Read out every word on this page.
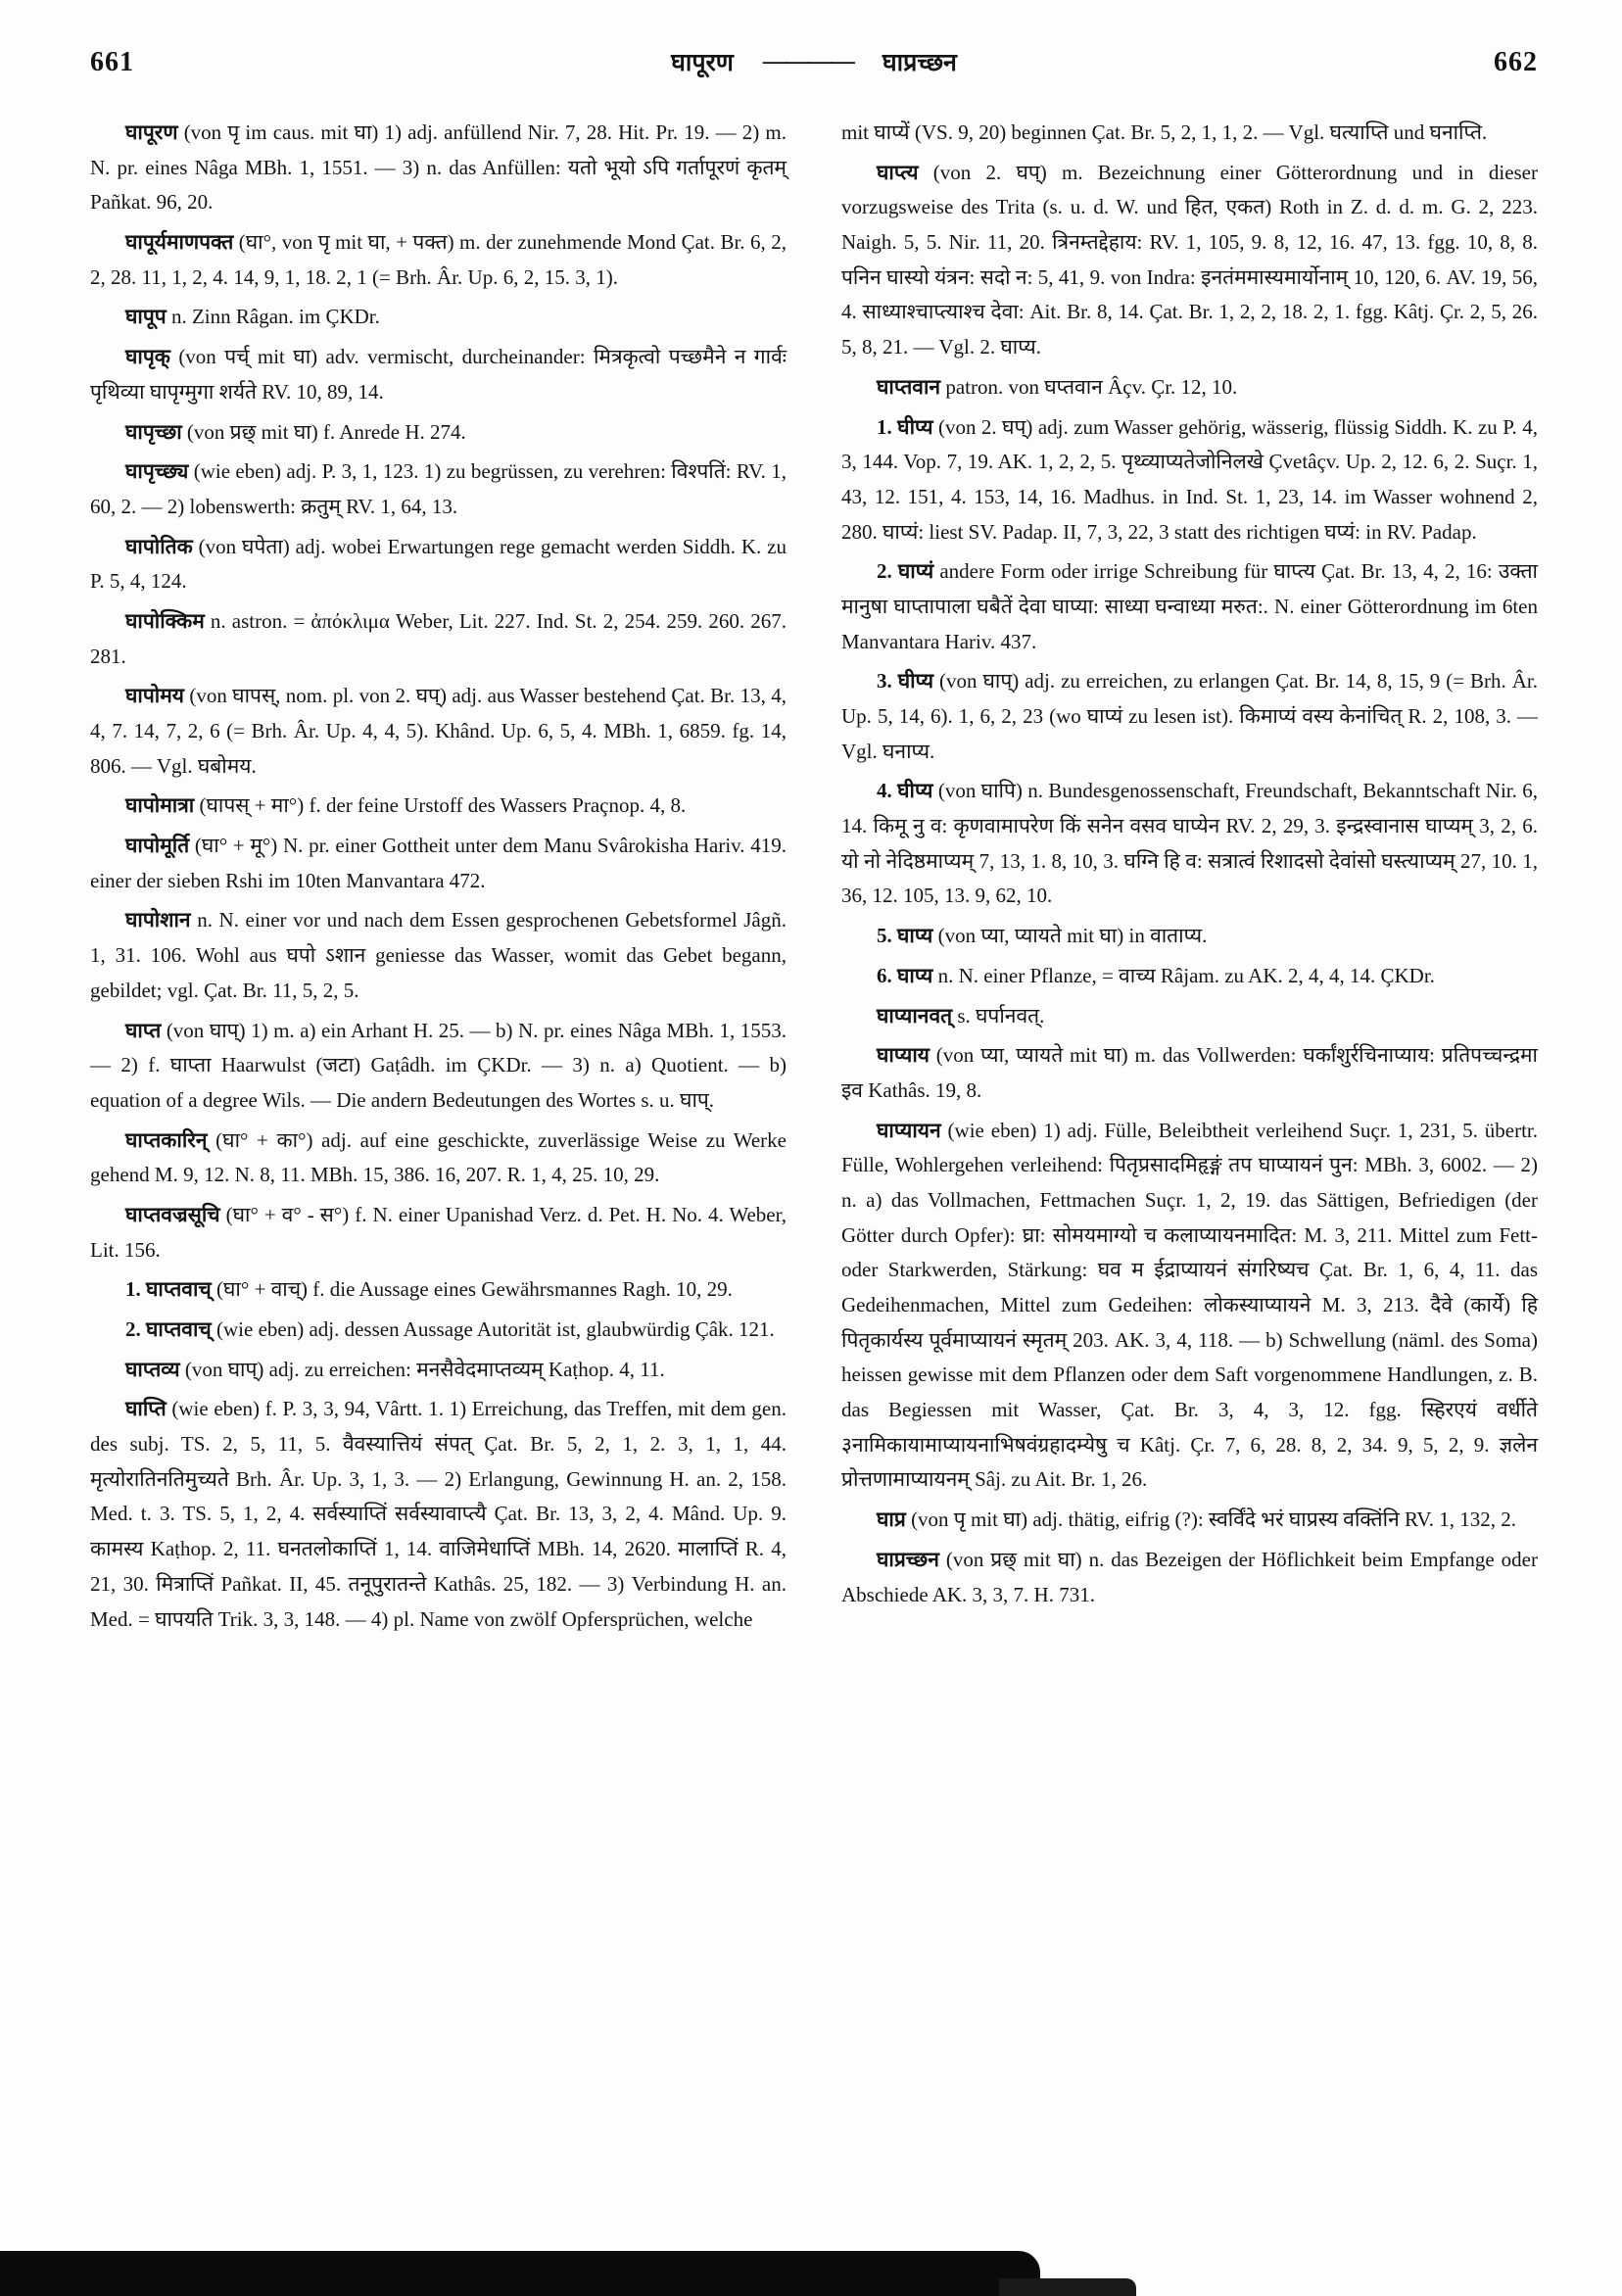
661	घापूरण ———— घाप्रच्छन	662

घापूरण (von पृ im caus. mit घा) 1) adj. anfüllend Nir. 7, 28. Hit. Pr. 19. — 2) m. N. pr. eines Nâga MBh. 1, 1551. — 3) n. das Anfüllen: यतो भूयो ऽपि गर्तापूरणं कृतम् Pañkat. 96, 20.

घापूर्यमाणपक्त (घा°, von पृ mit घा, + पक्त) m. der zunehmende Mond Çat. Br. 6, 2, 2, 28. 11, 1, 2, 4. 14, 9, 1, 18. 2, 1 (= Brh. Âr. Up. 6, 2, 15. 3, 1).

घापूप n. Zinn Râgan. im ÇKDr.

घापृक् (von पर्च् mit घा) adv. vermischt, durcheinander: मित्रकृत्वो पच्छमैने न गार्वः पृथिव्या घापृग्मुगा शर्यते RV. 10, 89, 14.

घापृच्छा (von प्रछ् mit घा) f. Anrede H. 274.

घापृच्छ्य (wie eben) adj. P. 3, 1, 123. 1) zu begrüssen, zu verehren: विश्पतिं: RV. 1, 60, 2. — 2) lobenswerth: क्रतुम् RV. 1, 64, 13.

घापोतिक (von घपेता) adj. wobei Erwartungen rege gemacht werden Siddh. K. zu P. 5, 4, 124.

घापोक्किम n. astron. = ἀπόκλιμα Weber, Lit. 227. Ind. St. 2, 254. 259. 260. 267. 281.

घापोमय (von घापस्, nom. pl. von 2. घप्) adj. aus Wasser bestehend Çat. Br. 13, 4, 4, 7. 14, 7, 2, 6 (= Brh. Âr. Up. 4, 4, 5). Khând. Up. 6, 5, 4. MBh. 1, 6859. fg. 14, 806. — Vgl. घबोमय.

घापोमात्रा (घापस् + मा°) f. der feine Urstoff des Wassers Praçnop. 4, 8.

घापोमूर्ति (घा° + मू°) N. pr. einer Gottheit unter dem Manu Svârokisha Hariv. 419. einer der sieben Rshi im 10ten Manvantara 472.

घापोशान n. N. einer vor und nach dem Essen gesprochenen Gebetsformel Jâgñ. 1, 31. 106. Wohl aus घपो ऽशान geniesse das Wasser, womit das Gebet begann, gebildet; vgl. Çat. Br. 11, 5, 2, 5.

घाप्त (von घाप्) 1) m. a) ein Arhant H. 25. — b) N. pr. eines Nâga MBh. 1, 1553. — 2) f. घाप्ता Haarwulst (जटा) Gaṭâdh. im ÇKDr. — 3) n. a) Quotient. — b) equation of a degree Wils. — Die andern Bedeutungen des Wortes s. u. घाप्.

घाप्तकारिन् (घा° + का°) adj. auf eine geschickte, zuverlässige Weise zu Werke gehend M. 9, 12. N. 8, 11. MBh. 15, 386. 16, 207. R. 1, 4, 25. 10, 29.

घाप्तवज्रसूचि (घा° + व° - स°) f. N. einer Upanishad Verz. d. Pet. H. No. 4. Weber, Lit. 156.

1. घाप्तवाच् (घा° + वाच्) f. die Aussage eines Gewährsmannes Ragh. 10, 29.

2. घाप्तवाच् (wie eben) adj. dessen Aussage Autorität ist, glaubwürdig Çâk. 121.

घाप्तव्य (von घाप्) adj. zu erreichen: मनसैवेदमाप्तव्यम् Kaṭhop. 4, 11.

घाप्ति (wie eben) f. P. 3, 3, 94, Vârtt. 1. 1) Erreichung, das Treffen, mit dem gen. des subj. TS. 2, 5, 11, 5. वैवस्यात्तियं संपत् Çat. Br. 5, 2, 1, 2. 3, 1, 1, 44. मृत्योरातिनतिमुच्यते Brh. Âr. Up. 3, 1, 3. — 2) Erlangung, Gewinnung H. an. 2, 158. Med. t. 3. TS. 5, 1, 2, 4. सर्वस्याप्तिं सर्वस्यावाप्त्यै Çat. Br. 13, 3, 2, 4. Mând. Up. 9. कामस्य Kaṭhop. 2, 11. घनतलोकाप्तिं 1, 14. वाजिमेधाप्तिं MBh. 14, 2620. मालाप्तिं R. 4, 21, 30. मित्राप्तिं Pañkat. II, 45. तनूपुरातन्ते Kathâs. 25, 182. — 3) Verbindung H. an. Med. = घापयति Trik. 3, 3, 148. — 4) pl. Name von zwölf Opfersprüchen, welche

mit घाप्यें (VS. 9, 20) beginnen Çat. Br. 5, 2, 1, 1, 2. — Vgl. घत्याप्ति und घनाप्ति.

घाप्त्य (von 2. घप्) m. Bezeichnung einer Götterordnung und in dieser vorzugsweise des Trita (s. u. d. W. und हित, एकत) Roth in Z. d. d. m. G. 2, 223. Naigh. 5, 5. Nir. 11, 20. त्रिनम्तद्देहाय: RV. 1, 105, 9. 8, 12, 16. 47, 13. fgg. 10, 8, 8. पनिन घास्यो यंत्रन: सदो न: 5, 41, 9. von Indra: इनतंममास्यमार्योनाम् 10, 120, 6. AV. 19, 56, 4. साध्याश्चाप्त्याश्च देवा: Ait. Br. 8, 14. Çat. Br. 1, 2, 2, 18. 2, 1. fgg. Kâtj. Çr. 2, 5, 26. 5, 8, 21. — Vgl. 2. घाप्य.

घाप्तवान patron. von घप्तवान Âçv. Çr. 12, 10.

1. घीप्य (von 2. घप्) adj. zum Wasser gehörig, wässerig, flüssig Siddh. K. zu P. 4, 3, 144. Vop. 7, 19. AK. 1, 2, 2, 5. पृथ्व्याप्यतेजोनिलखे Çvetâçv. Up. 2, 12. 6, 2. Suçr. 1, 43, 12. 151, 4. 153, 14, 16. Madhus. in Ind. St. 1, 23, 14. im Wasser wohnend 2, 280. घाप्यं: liest SV. Padap. II, 7, 3, 22, 3 statt des richtigen घप्यं: in RV. Padap.

2. घाप्यं andere Form oder irrige Schreibung für घाप्त्य Çat. Br. 13, 4, 2, 16: उक्ता मानुषा घाप्तापाला घबैतें देवा घाप्या: साध्या घन्वाध्या मरुत:. N. einer Götterordnung im 6ten Manvantara Hariv. 437.

3. घीप्य (von घाप्) adj. zu erreichen, zu erlangen Çat. Br. 14, 8, 15, 9 (= Brh. Âr. Up. 5, 14, 6). 1, 6, 2, 23 (wo घाप्यं zu lesen ist). किमाप्यं वस्य केनांचित् R. 2, 108, 3. — Vgl. घनाप्य.

4. घीप्य (von घापि) n. Bundesgenossenschaft, Freundschaft, Bekanntschaft Nir. 6, 14. किमू नु व: कृणवामापरेण किं सनेन वसव घाप्येन RV. 2, 29, 3. इन्द्रस्वानास घाप्यम् 3, 2, 6. यो नो नेदिष्ठमाप्यम् 7, 13, 1. 8, 10, 3. घग्नि हि व: सत्रात्वं रिशादसो देवांसो घस्त्याप्यम् 27, 10. 1, 36, 12. 105, 13. 9, 62, 10.

5. घाप्य (von प्या, प्यायते mit घा) in वाताप्य.

6. घाप्य n. N. einer Pflanze, = वाच्य Râjam. zu AK. 2, 4, 4, 14. ÇKDr.

घाप्यानवत् s. घर्पानवत्.

घाप्याय (von प्या, प्यायते mit घा) m. das Vollwerden: घर्कांशुर्रचिनाप्याय: प्रतिपच्चन्द्रमा इव Kathâs. 19, 8.

घाप्यायन (wie eben) 1) adj. Fülle, Beleibtheit verleihend Suçr. 1, 231, 5. übertr. Fülle, Wohlergehen verleihend: पितृप्रसादमिहृङ्गं तप घाप्यायनं पुन: MBh. 3, 6002. — 2) n. a) das Vollmachen, Fettmachen Suçr. 1, 2, 19. das Sättigen, Befriedigen (der Götter durch Opfer): घ्रा: सोमयमाग्यो च कलाप्यायनमादित: M. 3, 211. Mittel zum Fett- oder Starkwerden, Stärkung: घव म ईद्राप्यायनं संगरिष्यच Çat. Br. 1, 6, 4, 11. das Gedeihenmachen, Mittel zum Gedeihen: लोकस्याप्यायने M. 3, 213. दैवे (कार्ये) हि पितृकार्यस्य पूर्वमाप्यायनं स्मृतम् 203. AK. 3, 4, 118. — b) Schwellung (näml. des Soma) heissen gewisse mit dem Pflanzen oder dem Saft vorgenommene Handlungen, z. B. das Begiessen mit Wasser, Çat. Br. 3, 4, 3, 12. fgg. स्हिरएयं वर्धीते ३नामिकायामाप्यायनाभिषवंग्रहादम्येषु च Kâtj. Çr. 7, 6, 28. 8, 2, 34. 9, 5, 2, 9. ज्ञलेन प्रोत्तणामाप्यायनम् Sâj. zu Ait. Br. 1, 26.

घाप्र (von पृ mit घा) adj. thätig, eifrig (?): स्वर्विंदे भरं घाप्रस्य वक्तिंनि RV. 1, 132, 2.

घाप्रच्छन (von प्रछ् mit घा) n. das Bezeigen der Höflichkeit beim Empfange oder Abschiede AK. 3, 3, 7. H. 731.
